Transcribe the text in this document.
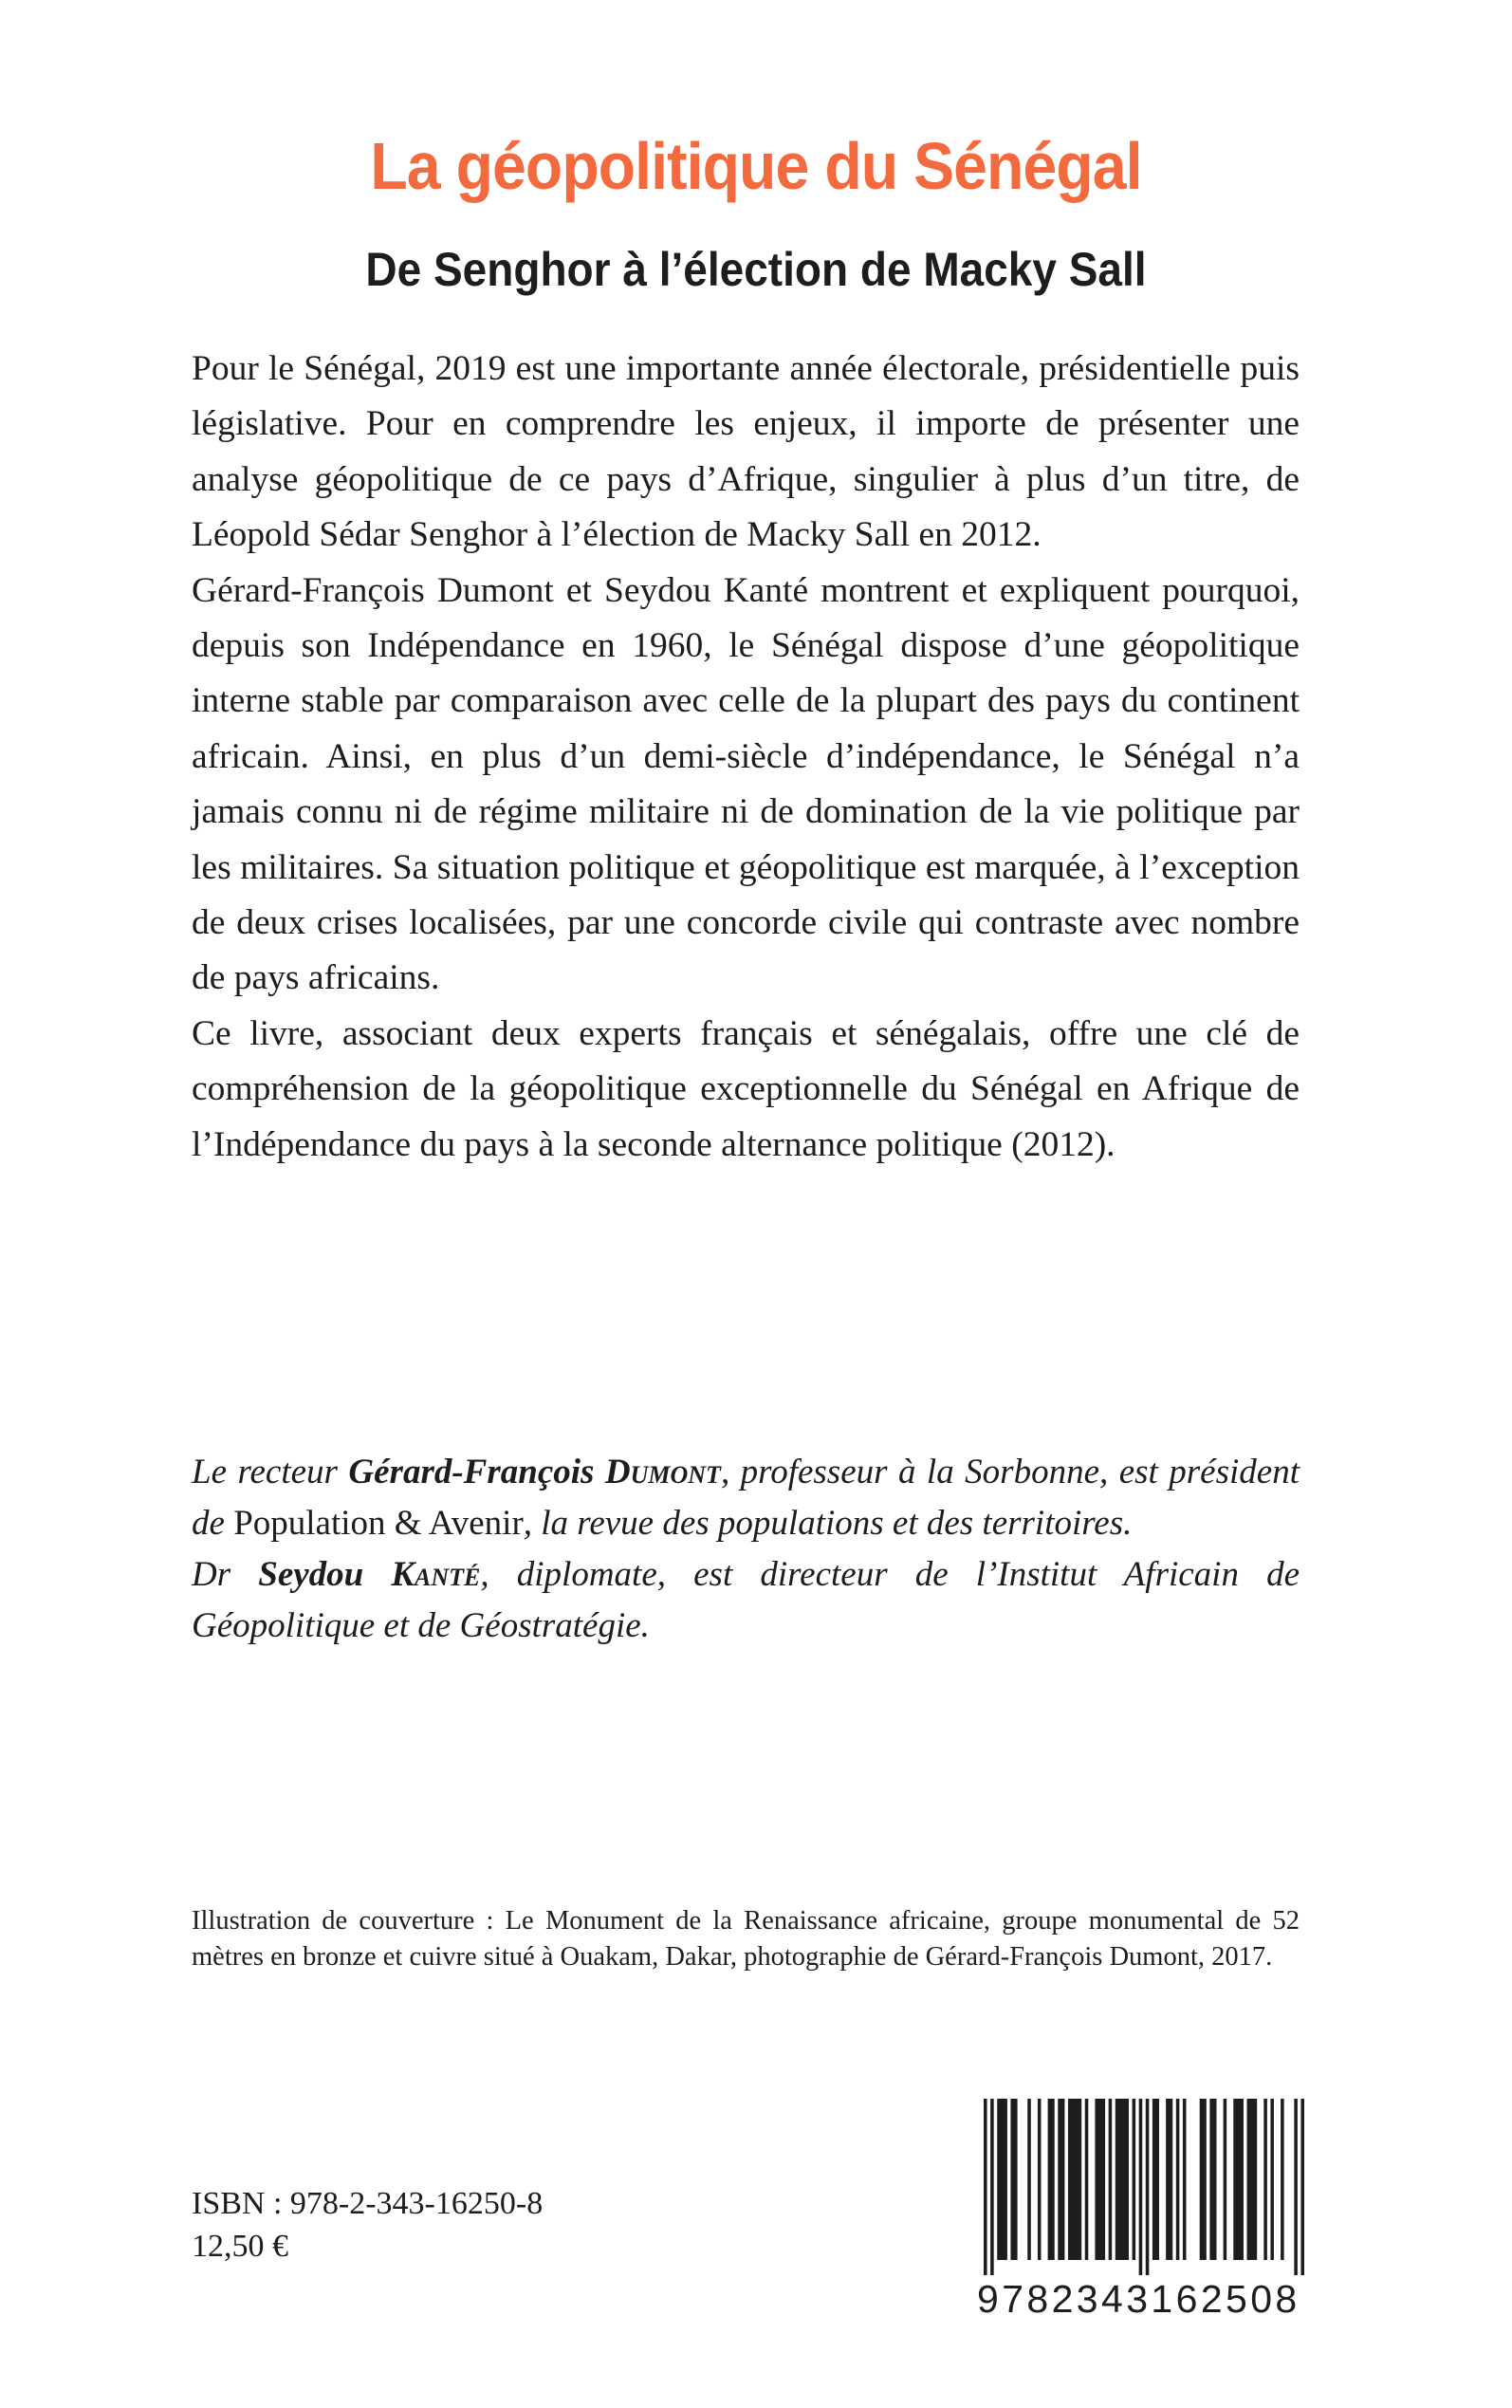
La géopolitique du Sénégal
De Senghor à l’élection de Macky Sall

Pour le Sénégal, 2019 est une importante année électorale, présidentielle puis législative. Pour en comprendre les enjeux, il importe de présenter une analyse géopolitique de ce pays d’Afrique, singulier à plus d’un titre, de Léopold Sédar Senghor à l’élection de Macky Sall en 2012.

Gérard-François Dumont et Seydou Kanté montrent et expliquent pourquoi, depuis son Indépendance en 1960, le Sénégal dispose d’une géopolitique interne stable par comparaison avec celle de la plupart des pays du continent africain. Ainsi, en plus d’un demi-siècle d’indépendance, le Sénégal n’a jamais connu ni de régime militaire ni de domination de la vie politique par les militaires. Sa situation politique et géopolitique est marquée, à l’exception de deux crises localisées, par une concorde civile qui contraste avec nombre de pays africains.

Ce livre, associant deux experts français et sénégalais, offre une clé de compréhension de la géopolitique exceptionnelle du Sénégal en Afrique de l’Indépendance du pays à la seconde alternance politique (2012).

Le recteur Gérard-François Dumont, professeur à la Sorbonne, est président de Population & Avenir, la revue des populations et des territoires.

Dr Seydou Kanté, diplomate, est directeur de l’Institut Africain de Géopolitique et de Géostratégie.

Illustration de couverture : Le Monument de la Renaissance africaine, groupe monumental de 52 mètres en bronze et cuivre situé à Ouakam, Dakar, photographie de Gérard-François Dumont, 2017.

ISBN : 978-2-343-16250-8
12,50 €
9782343162508
